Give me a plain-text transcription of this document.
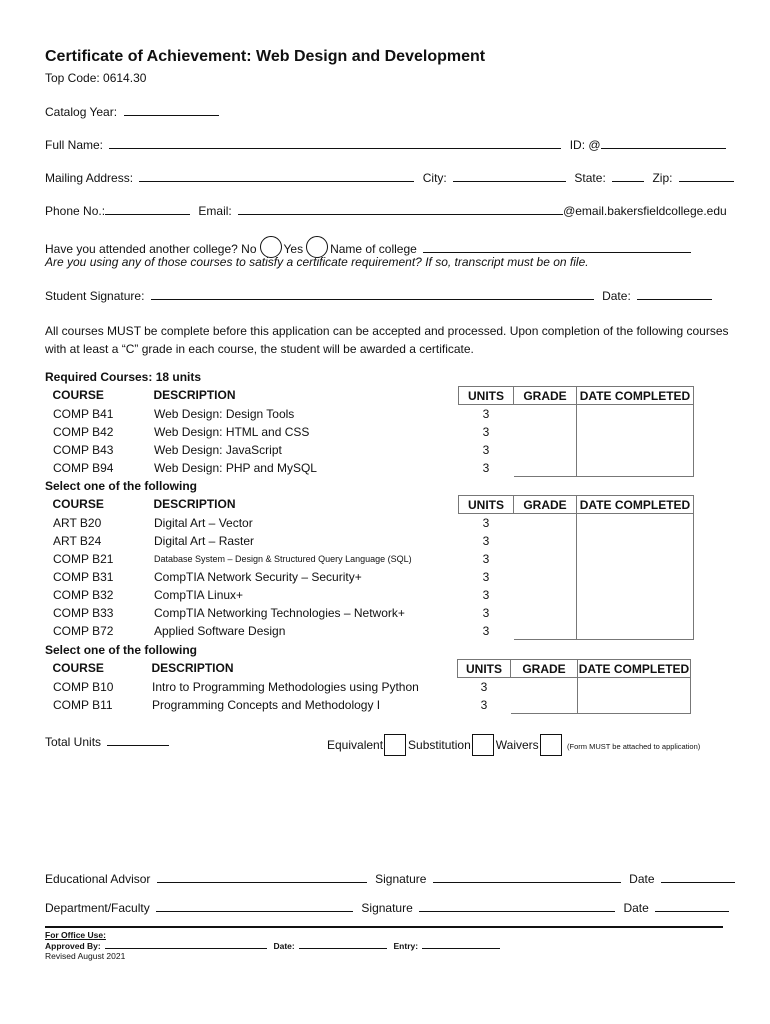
Certificate of Achievement: Web Design and Development
Top Code: 0614.30
Catalog Year:
Full Name:	ID: @
Mailing Address:	City:	State:	Zip:
Phone No.:	Email:	@email.bakersfieldcollege.edu
Have you attended another college? No Yes Name of college
Are you using any of those courses to satisfy a certificate requirement? If so, transcript must be on file.
Student Signature:	Date:
All courses MUST be complete before this application can be accepted and processed. Upon completion of the following courses with at least a “C” grade in each course, the student will be awarded a certificate.
Required Courses: 18 units
COURSE	DESCRIPTION	UNITS	GRADE	DATE COMPLETED
COMP B41	Web Design: Design Tools	3		
COMP B42	Web Design: HTML and CSS	3		
COMP B43	Web Design: JavaScript	3		
COMP B94	Web Design: PHP and MySQL	3		
Select one of the following
COURSE	DESCRIPTION	UNITS	GRADE	DATE COMPLETED
ART B20	Digital Art – Vector	3		
ART B24	Digital Art – Raster	3		
COMP B21	Database System – Design & Structured Query Language (SQL)	3		
COMP B31	CompTIA Network Security – Security+	3		
COMP B32	CompTIA Linux+	3		
COMP B33	CompTIA Networking Technologies – Network+	3		
COMP B72	Applied Software Design	3		
Select one of the following
COURSE	DESCRIPTION	UNITS	GRADE	DATE COMPLETED
COMP B10	Intro to Programming Methodologies using Python	3		
COMP B11	Programming Concepts and Methodology I	3		
Total Units	Equivalent Substitution Waivers	(Form MUST be attached to application)
Educational Advisor	Signature	Date
Department/Faculty	Signature	Date
For Office Use:
Approved By:	Date:	Entry:
Revised August 2021
